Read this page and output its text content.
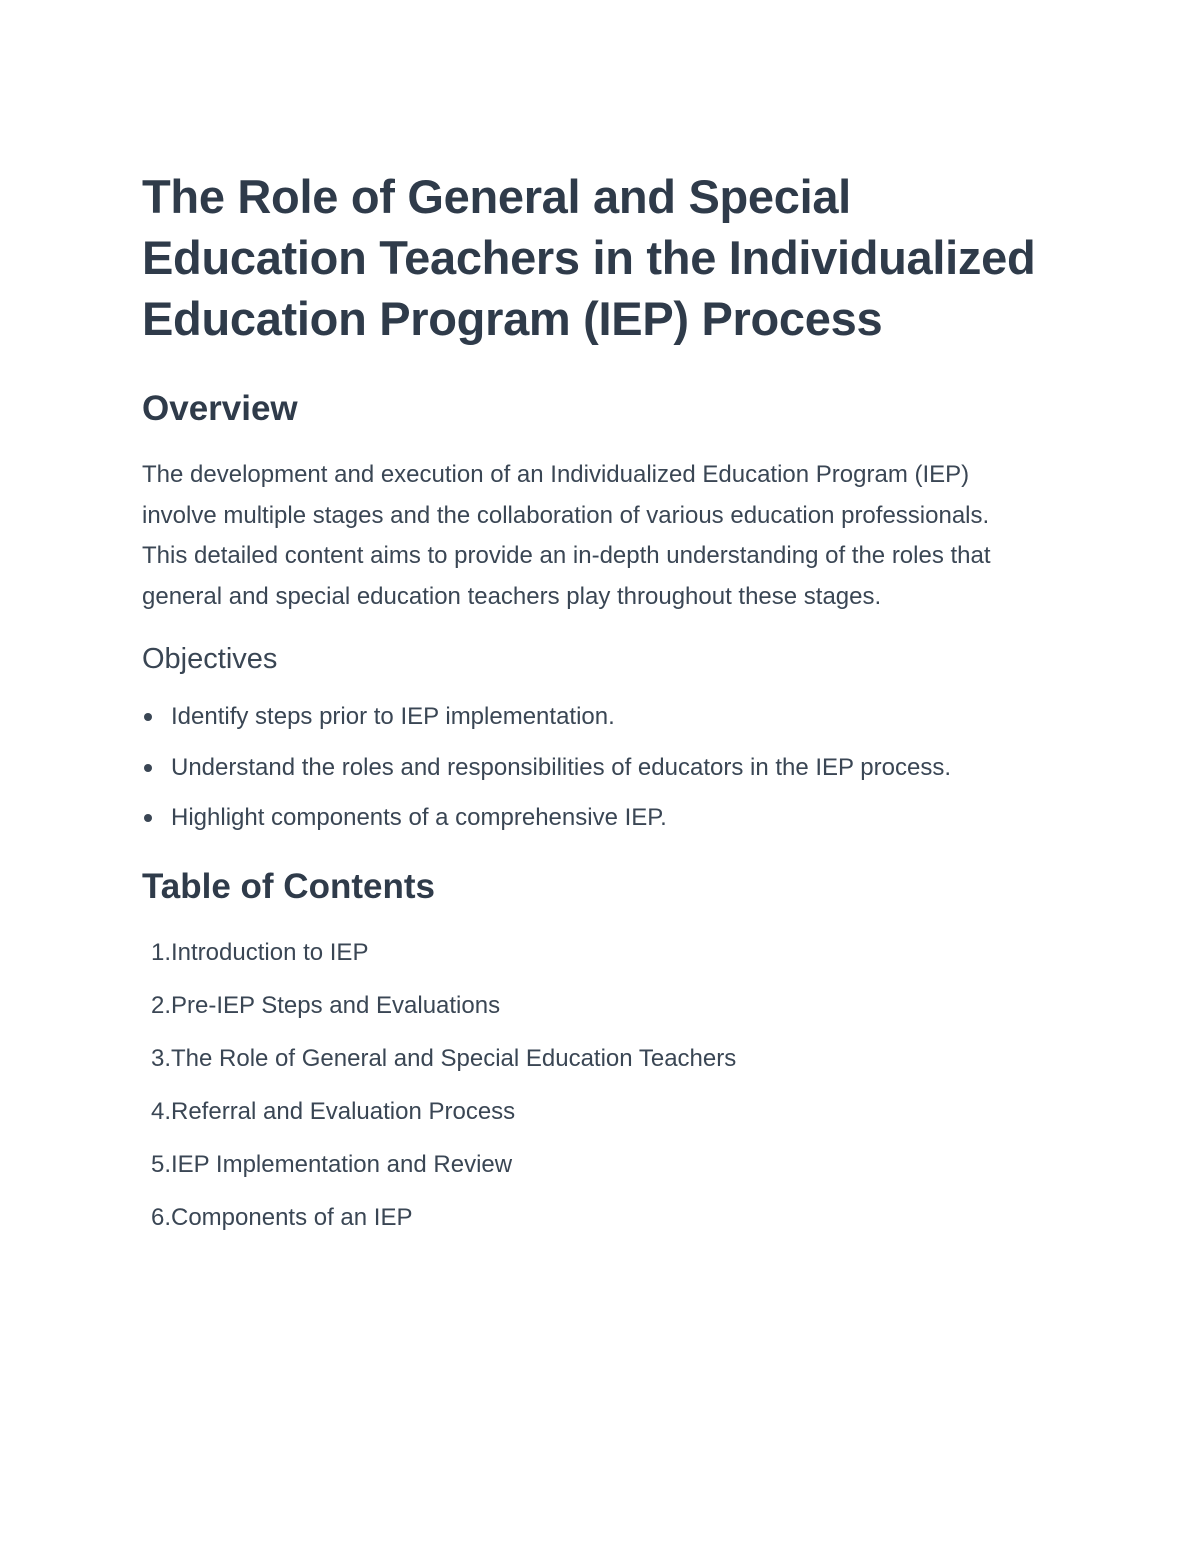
The Role of General and Special Education Teachers in the Individualized Education Program (IEP) Process
Overview

The development and execution of an Individualized Education Program (IEP) involve multiple stages and the collaboration of various education professionals. This detailed content aims to provide an in-depth understanding of the roles that general and special education teachers play throughout these stages.

Objectives
Identify steps prior to IEP implementation.
Understand the roles and responsibilities of educators in the IEP process.
Highlight components of a comprehensive IEP.
Table of Contents
1. Introduction to IEP
2. Pre-IEP Steps and Evaluations
3. The Role of General and Special Education Teachers
4. Referral and Evaluation Process
5. IEP Implementation and Review
6. Components of an IEP
